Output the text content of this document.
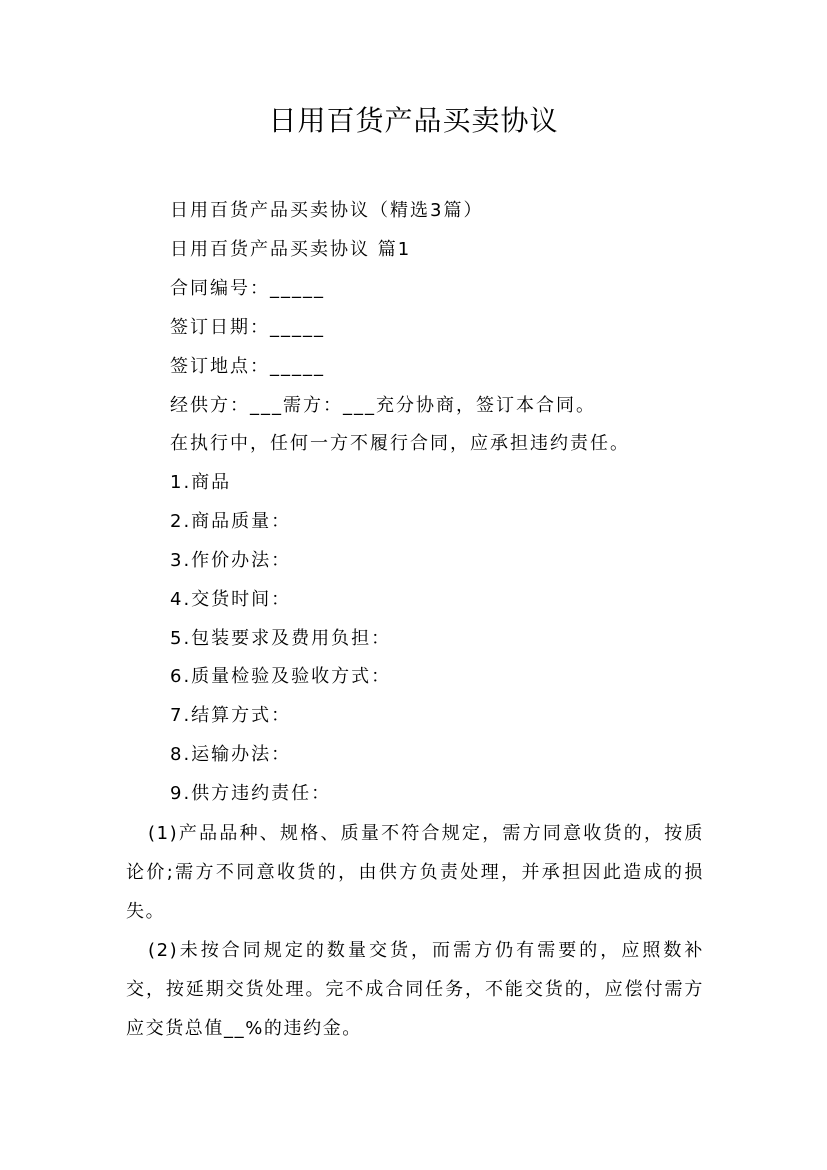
日用百货产品买卖协议
日用百货产品买卖协议（精选3篇）
日用百货产品买卖协议 篇1
合同编号：_____
签订日期：_____
签订地点：_____
经供方：___需方：___充分协商，签订本合同。
在执行中，任何一方不履行合同，应承担违约责任。
1.商品
2.商品质量：
3.作价办法：
4.交货时间：
5.包装要求及费用负担：
6.质量检验及验收方式：
7.结算方式：
8.运输办法：
9.供方违约责任：
(1)产品品种、规格、质量不符合规定，需方同意收货的，按质论价;需方不同意收货的，由供方负责处理，并承担因此造成的损失。
(2)未按合同规定的数量交货，而需方仍有需要的，应照数补交，按延期交货处理。完不成合同任务，不能交货的，应偿付需方应交货总值__%的违约金。
